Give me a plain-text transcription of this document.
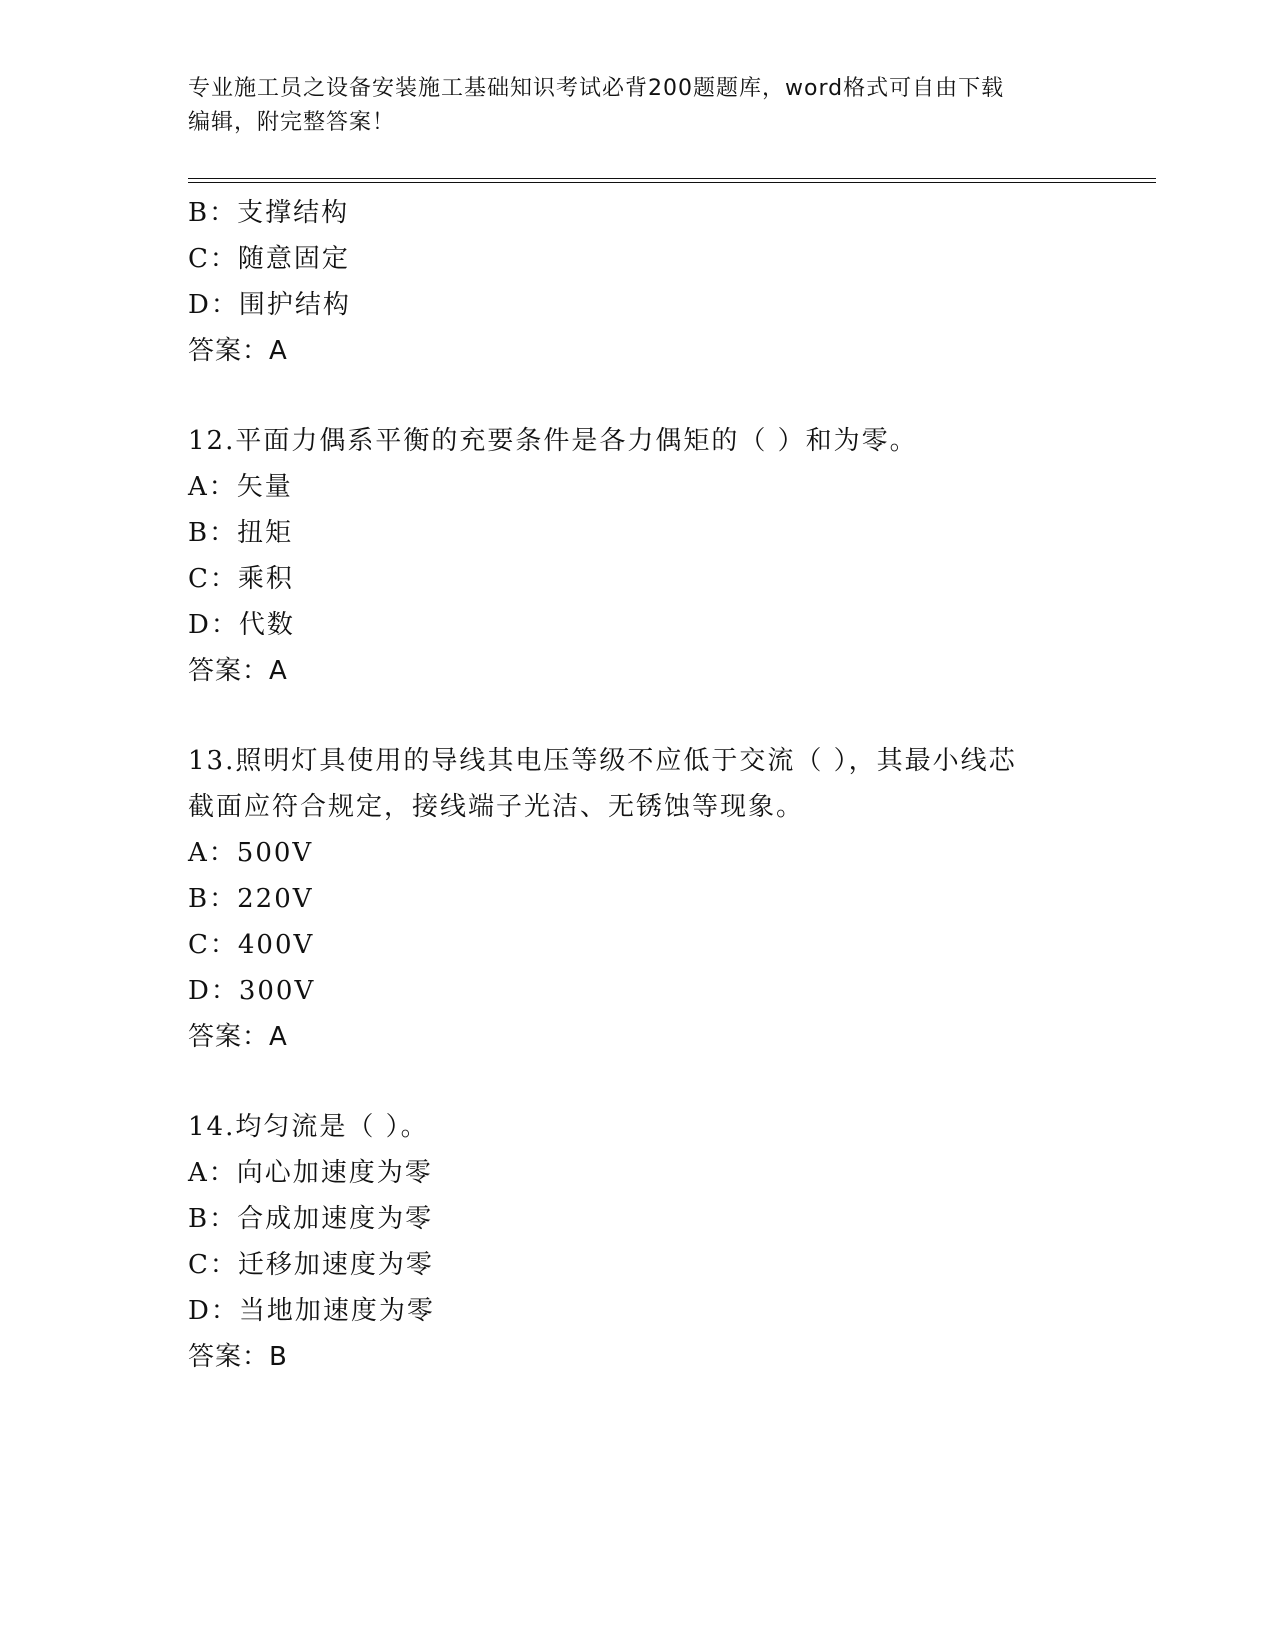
专业施工员之设备安装施工基础知识考试必背200题题库，word格式可自由下载
编辑，附完整答案！
B：支撑结构
C：随意固定
D：围护结构
答案：A
12.平面力偶系平衡的充要条件是各力偶矩的（ ）和为零。
A：矢量
B：扭矩
C：乘积
D：代数
答案：A
13.照明灯具使用的导线其电压等级不应低于交流（ ），其最小线芯
截面应符合规定，接线端子光洁、无锈蚀等现象。
A：500V
B：220V
C：400V
D：300V
答案：A
14.均匀流是（ ）。
A：向心加速度为零
B：合成加速度为零
C：迁移加速度为零
D：当地加速度为零
答案：B
